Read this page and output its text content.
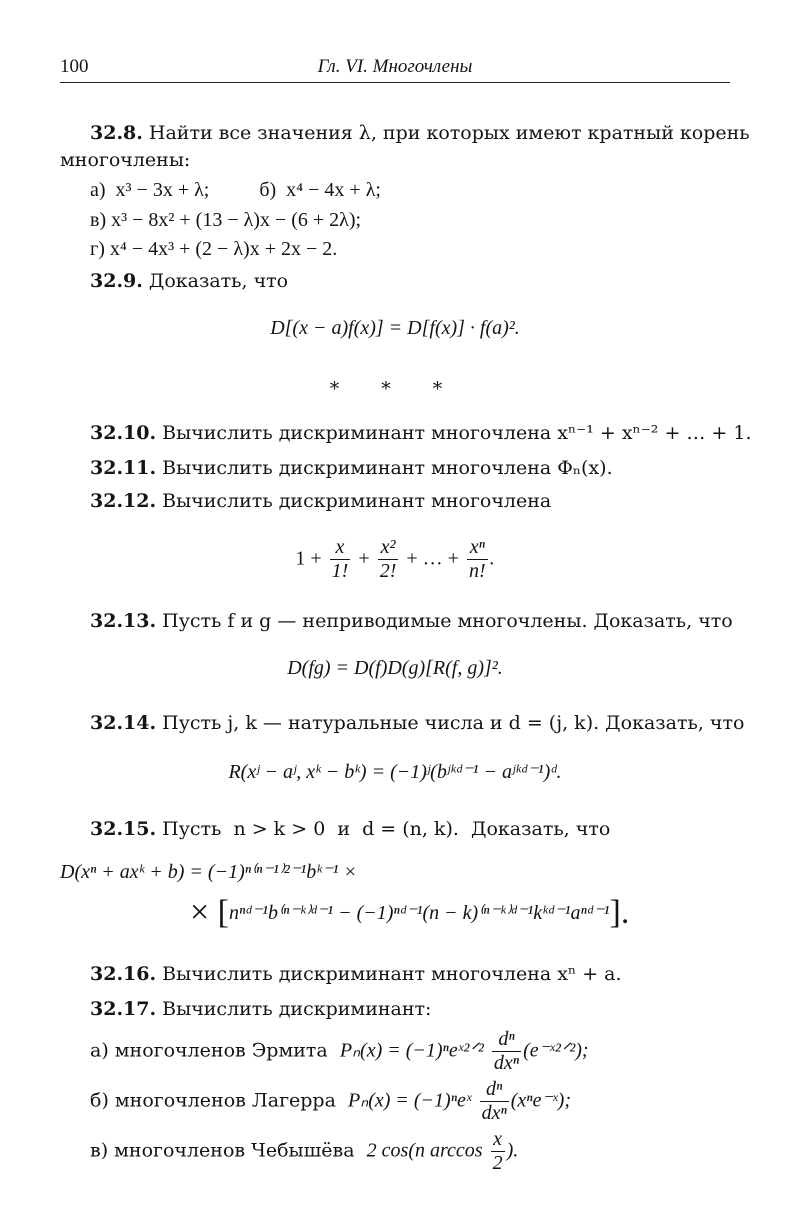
100	Гл. VI. Многочлены
32.8. Найти все значения λ, при которых имеют кратный корень
многочлены:
а)  x³ − 3x + λ;          б)  x⁴ − 4x + λ;
в) x³ − 8x² + (13 − λ)x − (6 + 2λ);
г) x⁴ − 4x³ + (2 − λ)x + 2x − 2.
32.9. Доказать, что
D[(x − a)f(x)] = D[f(x)] · f(a)².
* * *
32.10. Вычислить дискриминант многочлена xⁿ⁻¹ + xⁿ⁻² + … + 1.
32.11. Вычислить дискриминант многочлена Φₙ(x).
32.12. Вычислить дискриминант многочлена
$1 + \frac{x}{1!} + \frac{\text{x²}}{2!}$ + … + $\frac{\text{xⁿ}}{n!}$ .
32.13. Пусть f и g — неприводимые многочлены. Доказать, что
D(fg) = D(f)D(g)[R(f, g)]².
32.14. Пусть j, k — натуральные числа и d = (j, k). Доказать, что
R(xʲ − aʲ, xᵏ − bᵏ) = (−1)ʲ(bʲᵏᵈ⁻¹ − aʲᵏᵈ⁻¹)ᵈ.
32.15. Пусть  n > k > 0  и  d = (n, k).  Доказать, что
D(xⁿ + axᵏ + b) = (−1)ⁿ⁽ⁿ⁻¹⁾²⁻¹bᵏ⁻¹ ×
× [nⁿᵈ⁻¹b⁽ⁿ⁻ᵏ⁾ᵈ⁻¹ − (−1)ⁿᵈ⁻¹(n − k)⁽ⁿ⁻ᵏ⁾ᵈ⁻¹kᵏᵈ⁻¹aⁿᵈ⁻¹].
32.16. Вычислить дискриминант многочлена xⁿ + a.
32.17. Вычислить дискриминант:
а) многочленов Эрмита Pₙ(x) = (−1)ⁿeˣ²ᐟ² $\frac{\text{dⁿ}}{\text{dxⁿ}}$ (e⁻ˣ²ᐟ²);
б) многочленов Лагерра Pₙ(x) = (−1)ⁿeˣ $\frac{\text{dⁿ}}{\text{dxⁿ}}$ (xⁿe⁻ˣ);
в) многочленов Чебышёва 2 cos(n $\arccos \frac{x}{2}$ ).
